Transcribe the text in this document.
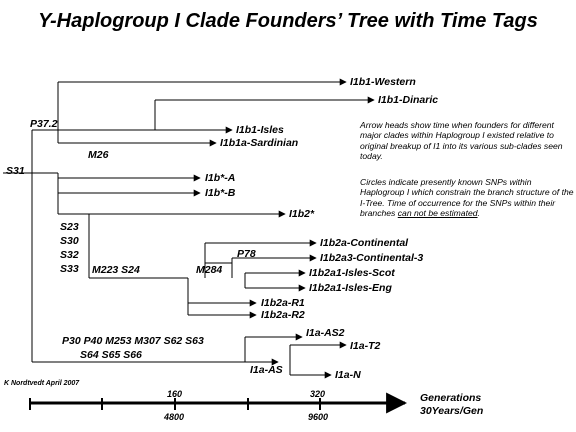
Y-Haplogroup I Clade Founders’ Tree with Time Tags
I1b1-Western
I1b1-Dinaric
I1b1-Isles
I1b1a-Sardinian
I1b*-A
I1b*-B
I1b2*
I1b2a-Continental
I1b2a3-Continental-3
I1b2a1-Isles-Scot
I1b2a1-Isles-Eng
I1b2a-R1
I1b2a-R2
I1a-AS2
I1a-T2
I1a-AS	I1a-N
P37.2
M26
S31
S23
S30
S32
S33 M223 S24	M284
P78
P30 P40 M253 M307 S62 S63
S64 S65 S66
Arrow heads show time when founders for different major clades within Haplogroup I existed relative to original breakup of I1 into its various sub-clades seen today.
Circles indicate presently known SNPs within Haplogroup I which constrain the branch structure of the I-Tree. Time of occurrence for the SNPs within their branches can not be estimated.
K Nordtvedt April 2007
160	320
4800	9600
Generations
30Years/Gen
